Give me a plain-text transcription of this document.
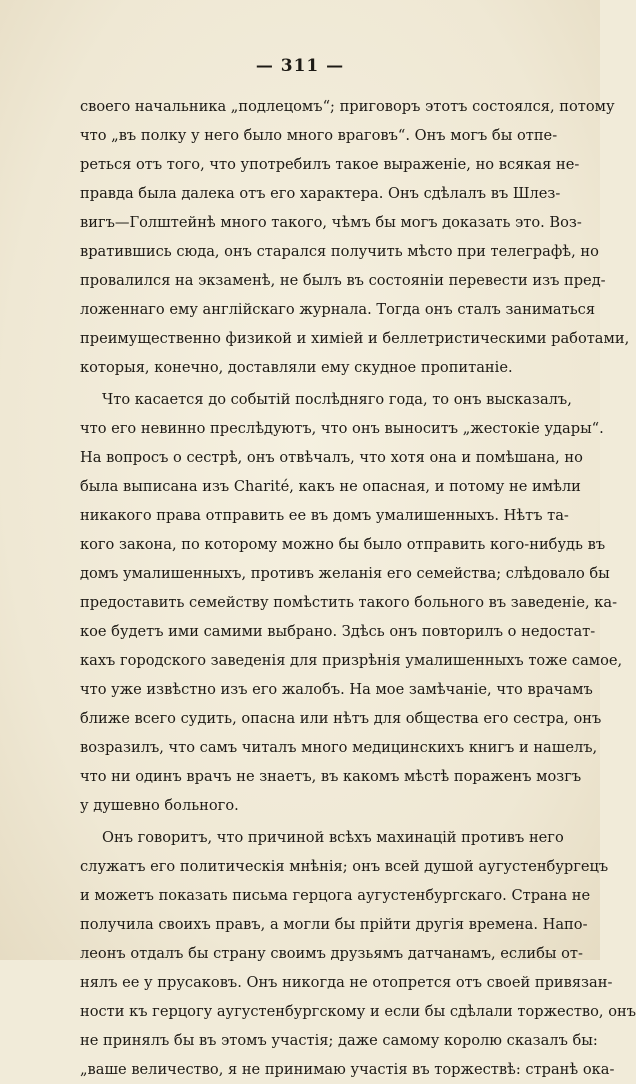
— 311 —
своего начальника „подлецомъ“; приговоръ этотъ состоялся, потому
что „въ полку у него было много враговъ“. Онъ могъ бы отпе-
реться отъ того, что употребилъ такое выраженіе, но всякая не-
правда была далека отъ его характера. Онъ сдѣлалъ въ Шлез-
вигъ—Голштейнѣ много такого, чѣмъ бы могъ доказать это. Воз-
вратившись сюда, онъ старался получить мѣсто при телеграфѣ, но
провалился на экзаменѣ, не былъ въ состояніи перевести изъ пред-
ложеннаго ему англійскаго журнала. Тогда онъ сталъ заниматься
преимущественно физикой и химіей и беллетристическими работами,
которыя, конечно, доставляли ему скудное пропитаніе.
Что касается до событій послѣдняго года, то онъ высказалъ,
что его невинно преслѣдуютъ, что онъ выноситъ „жестокіе удары“.
На вопросъ о сестрѣ, онъ отвѣчалъ, что хотя она и помѣшана, но
была выписана изъ Charité, какъ не опасная, и потому не имѣли
никакого права отправить ее въ домъ умалишенныхъ. Нѣтъ та-
кого закона, по которому можно бы было отправить кого-нибудь въ
домъ умалишенныхъ, противъ желанія его семейства; слѣдовало бы
предоставить семейству помѣстить такого больного въ заведеніе, ка-
кое будетъ ими самими выбрано. Здѣсь онъ повторилъ о недостат-
кахъ городского заведенія для призрѣнія умалишенныхъ тоже самое,
что уже извѣстно изъ его жалобъ. На мое замѣчаніе, что врачамъ
ближе всего судить, опасна или нѣтъ для общества его сестра, онъ
возразилъ, что самъ читалъ много медицинскихъ книгъ и нашелъ,
что ни одинъ врачъ не знаетъ, въ какомъ мѣстѣ пораженъ мозгъ
у душевно больного.
Онъ говоритъ, что причиной всѣхъ махинацій противъ него
служатъ его политическія мнѣнія; онъ всей душой аугустенбургецъ
и можетъ показать письма герцога аугустенбургскаго. Страна не
получила своихъ правъ, а могли бы прійти другія времена. Напо-
леонъ отдалъ бы страну своимъ друзьямъ датчанамъ, еслибы от-
нялъ ее у прусаковъ. Онъ никогда не отопрется отъ своей привязан-
ности къ герцогу аугустенбургскому и если бы сдѣлали торжество, онъ
не принялъ бы въ этомъ участія; даже самому королю сказалъ бы:
„ваше величество, я не принимаю участія въ торжествѣ: странѣ ока-
